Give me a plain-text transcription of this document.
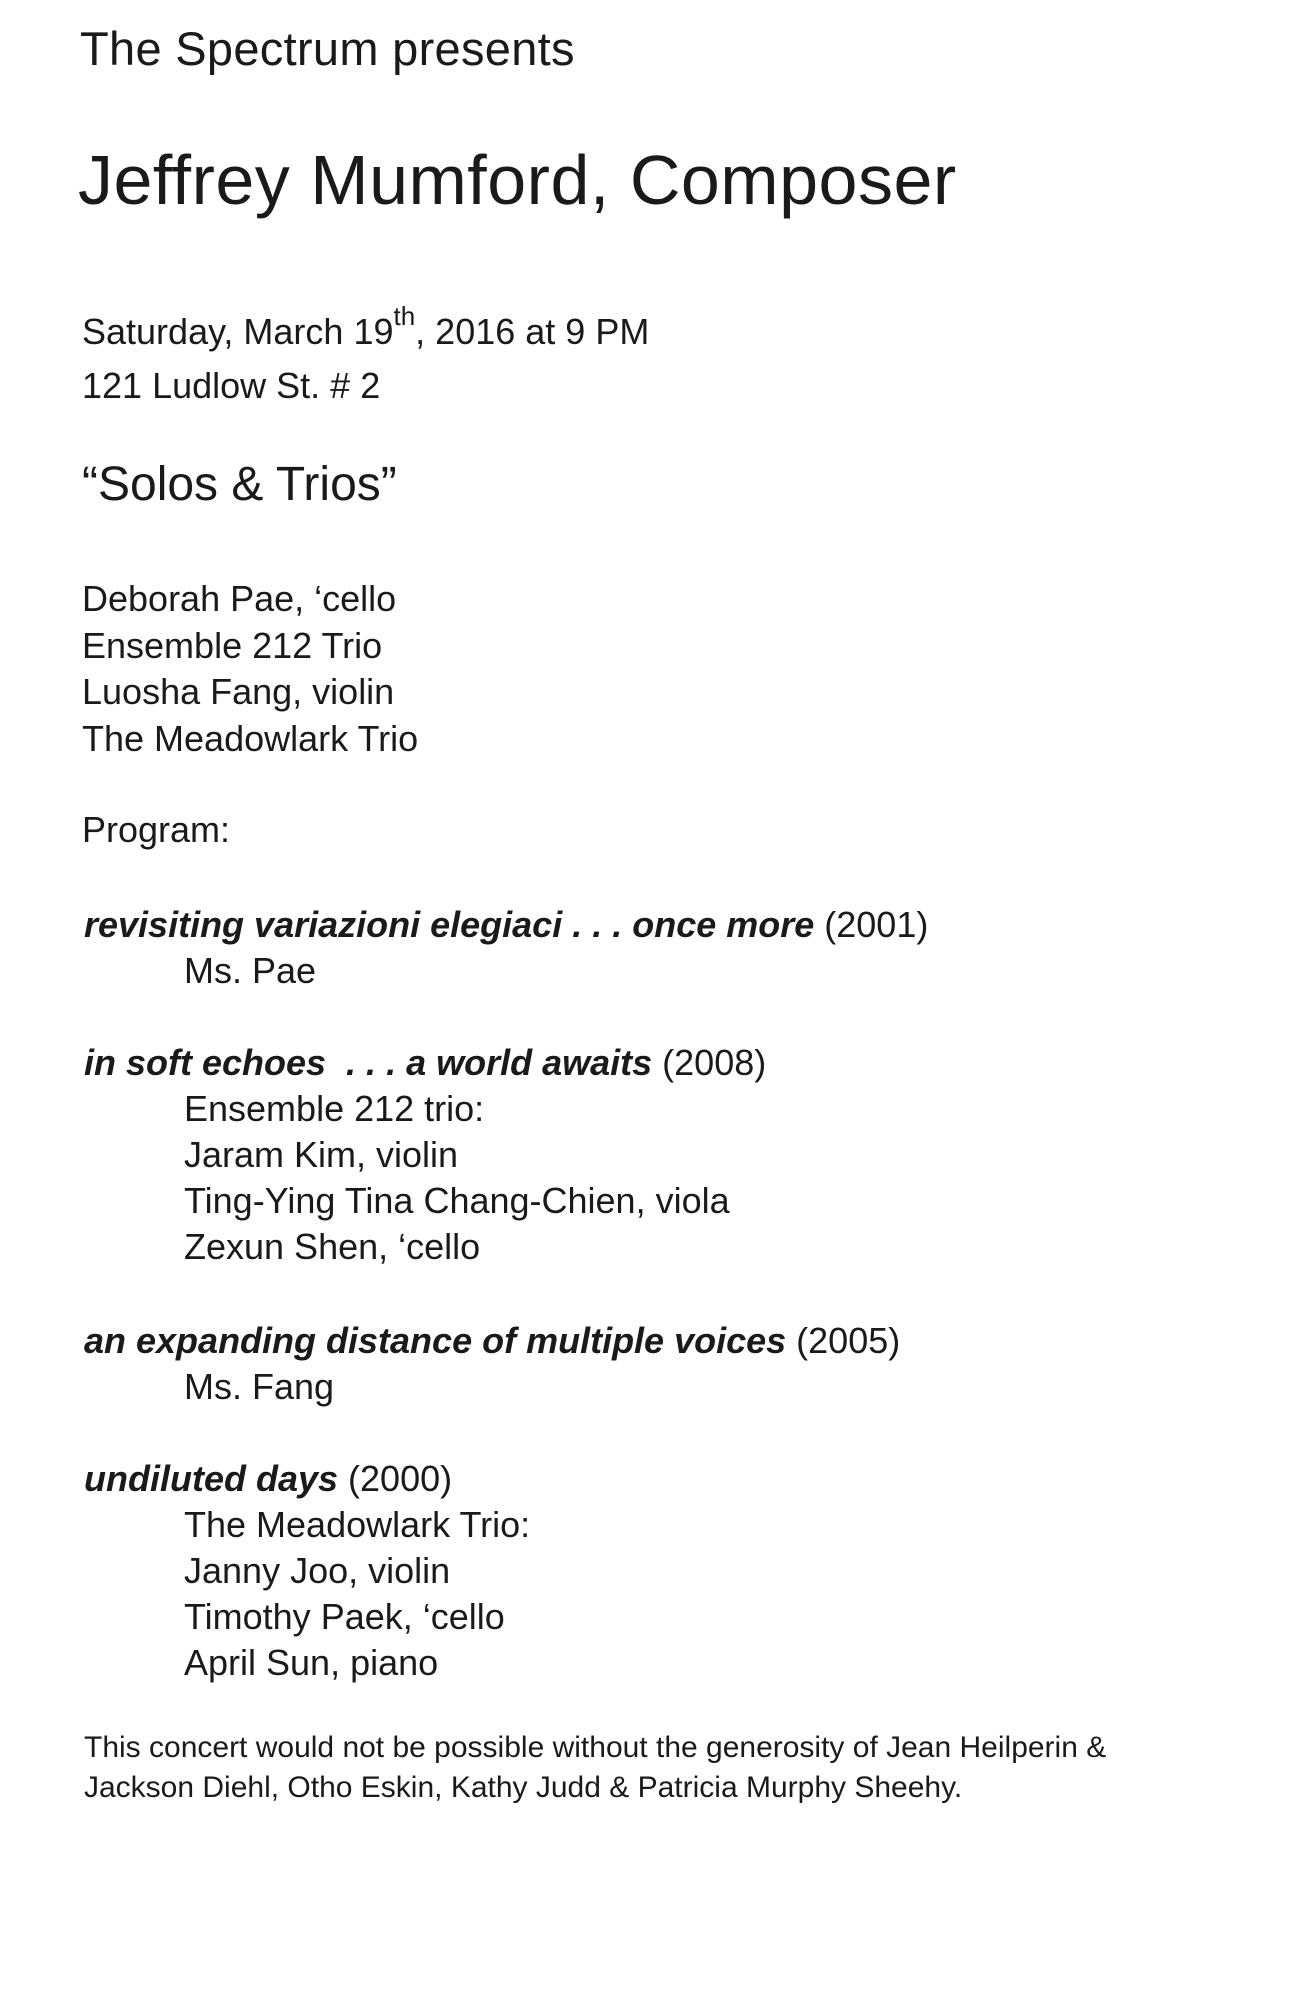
The Spectrum presents
Jeffrey Mumford, Composer
Saturday, March 19th, 2016 at 9 PM
121 Ludlow St. # 2
“Solos & Trios”
Deborah Pae, ‘cello
Ensemble 212 Trio
Luosha Fang, violin
The Meadowlark Trio
Program:
revisiting variazioni elegiaci . . . once more (2001)
Ms. Pae
in soft echoes  . . . a world awaits (2008)
Ensemble 212 trio:
Jaram Kim, violin
Ting-Ying Tina Chang-Chien, viola
Zexun Shen, ‘cello
an expanding distance of multiple voices (2005)
Ms. Fang
undiluted days (2000)
The Meadowlark Trio:
Janny Joo, violin
Timothy Paek, ‘cello
April Sun, piano
This concert would not be possible without the generosity of Jean Heilperin & Jackson Diehl, Otho Eskin, Kathy Judd & Patricia Murphy Sheehy.
